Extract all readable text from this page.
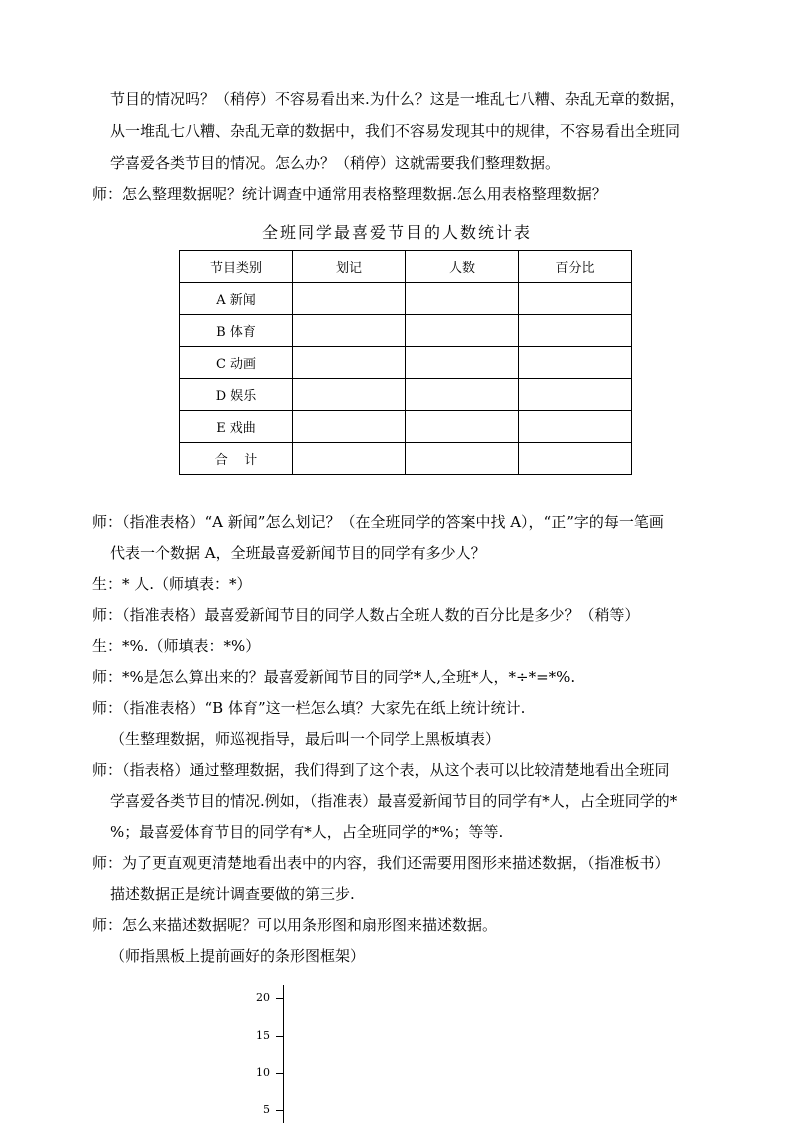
节目的情况吗？（稍停）不容易看出来.为什么？这是一堆乱七八糟、杂乱无章的数据，
从一堆乱七八糟、杂乱无章的数据中，我们不容易发现其中的规律，不容易看出全班同
学喜爱各类节目的情况。怎么办？（稍停）这就需要我们整理数据。
师：怎么整理数据呢？统计调查中通常用表格整理数据.怎么用表格整理数据？
全班同学最喜爱节目的人数统计表
节目类别	划记	人数	百分比
A 新闻			
B 体育			
C 动画			
D 娱乐			
E 戏曲			
合    计			
师：（指准表格）“A 新闻”怎么划记？（在全班同学的答案中找 A），“正”字的每一笔画
代表一个数据 A，全班最喜爱新闻节目的同学有多少人？
生：* 人.（师填表：*）
师：（指准表格）最喜爱新闻节目的同学人数占全班人数的百分比是多少？（稍等）
生：*%.（师填表：*%）
师：*%是怎么算出来的？最喜爱新闻节目的同学*人,全班*人，*÷*=*%.
师：（指准表格）“B 体育”这一栏怎么填？大家先在纸上统计统计.
（生整理数据，师巡视指导，最后叫一个同学上黑板填表）
师：（指表格）通过整理数据，我们得到了这个表，从这个表可以比较清楚地看出全班同
学喜爱各类节目的情况.例如，（指准表）最喜爱新闻节目的同学有*人，占全班同学的*
%；最喜爱体育节目的同学有*人，占全班同学的*%；等等.
师：为了更直观更清楚地看出表中的内容，我们还需要用图形来描述数据，（指准板书）
描述数据正是统计调查要做的第三步.
师：怎么来描述数据呢？可以用条形图和扇形图来描述数据。
（师指黑板上提前画好的条形图框架）
20
15
10
5
